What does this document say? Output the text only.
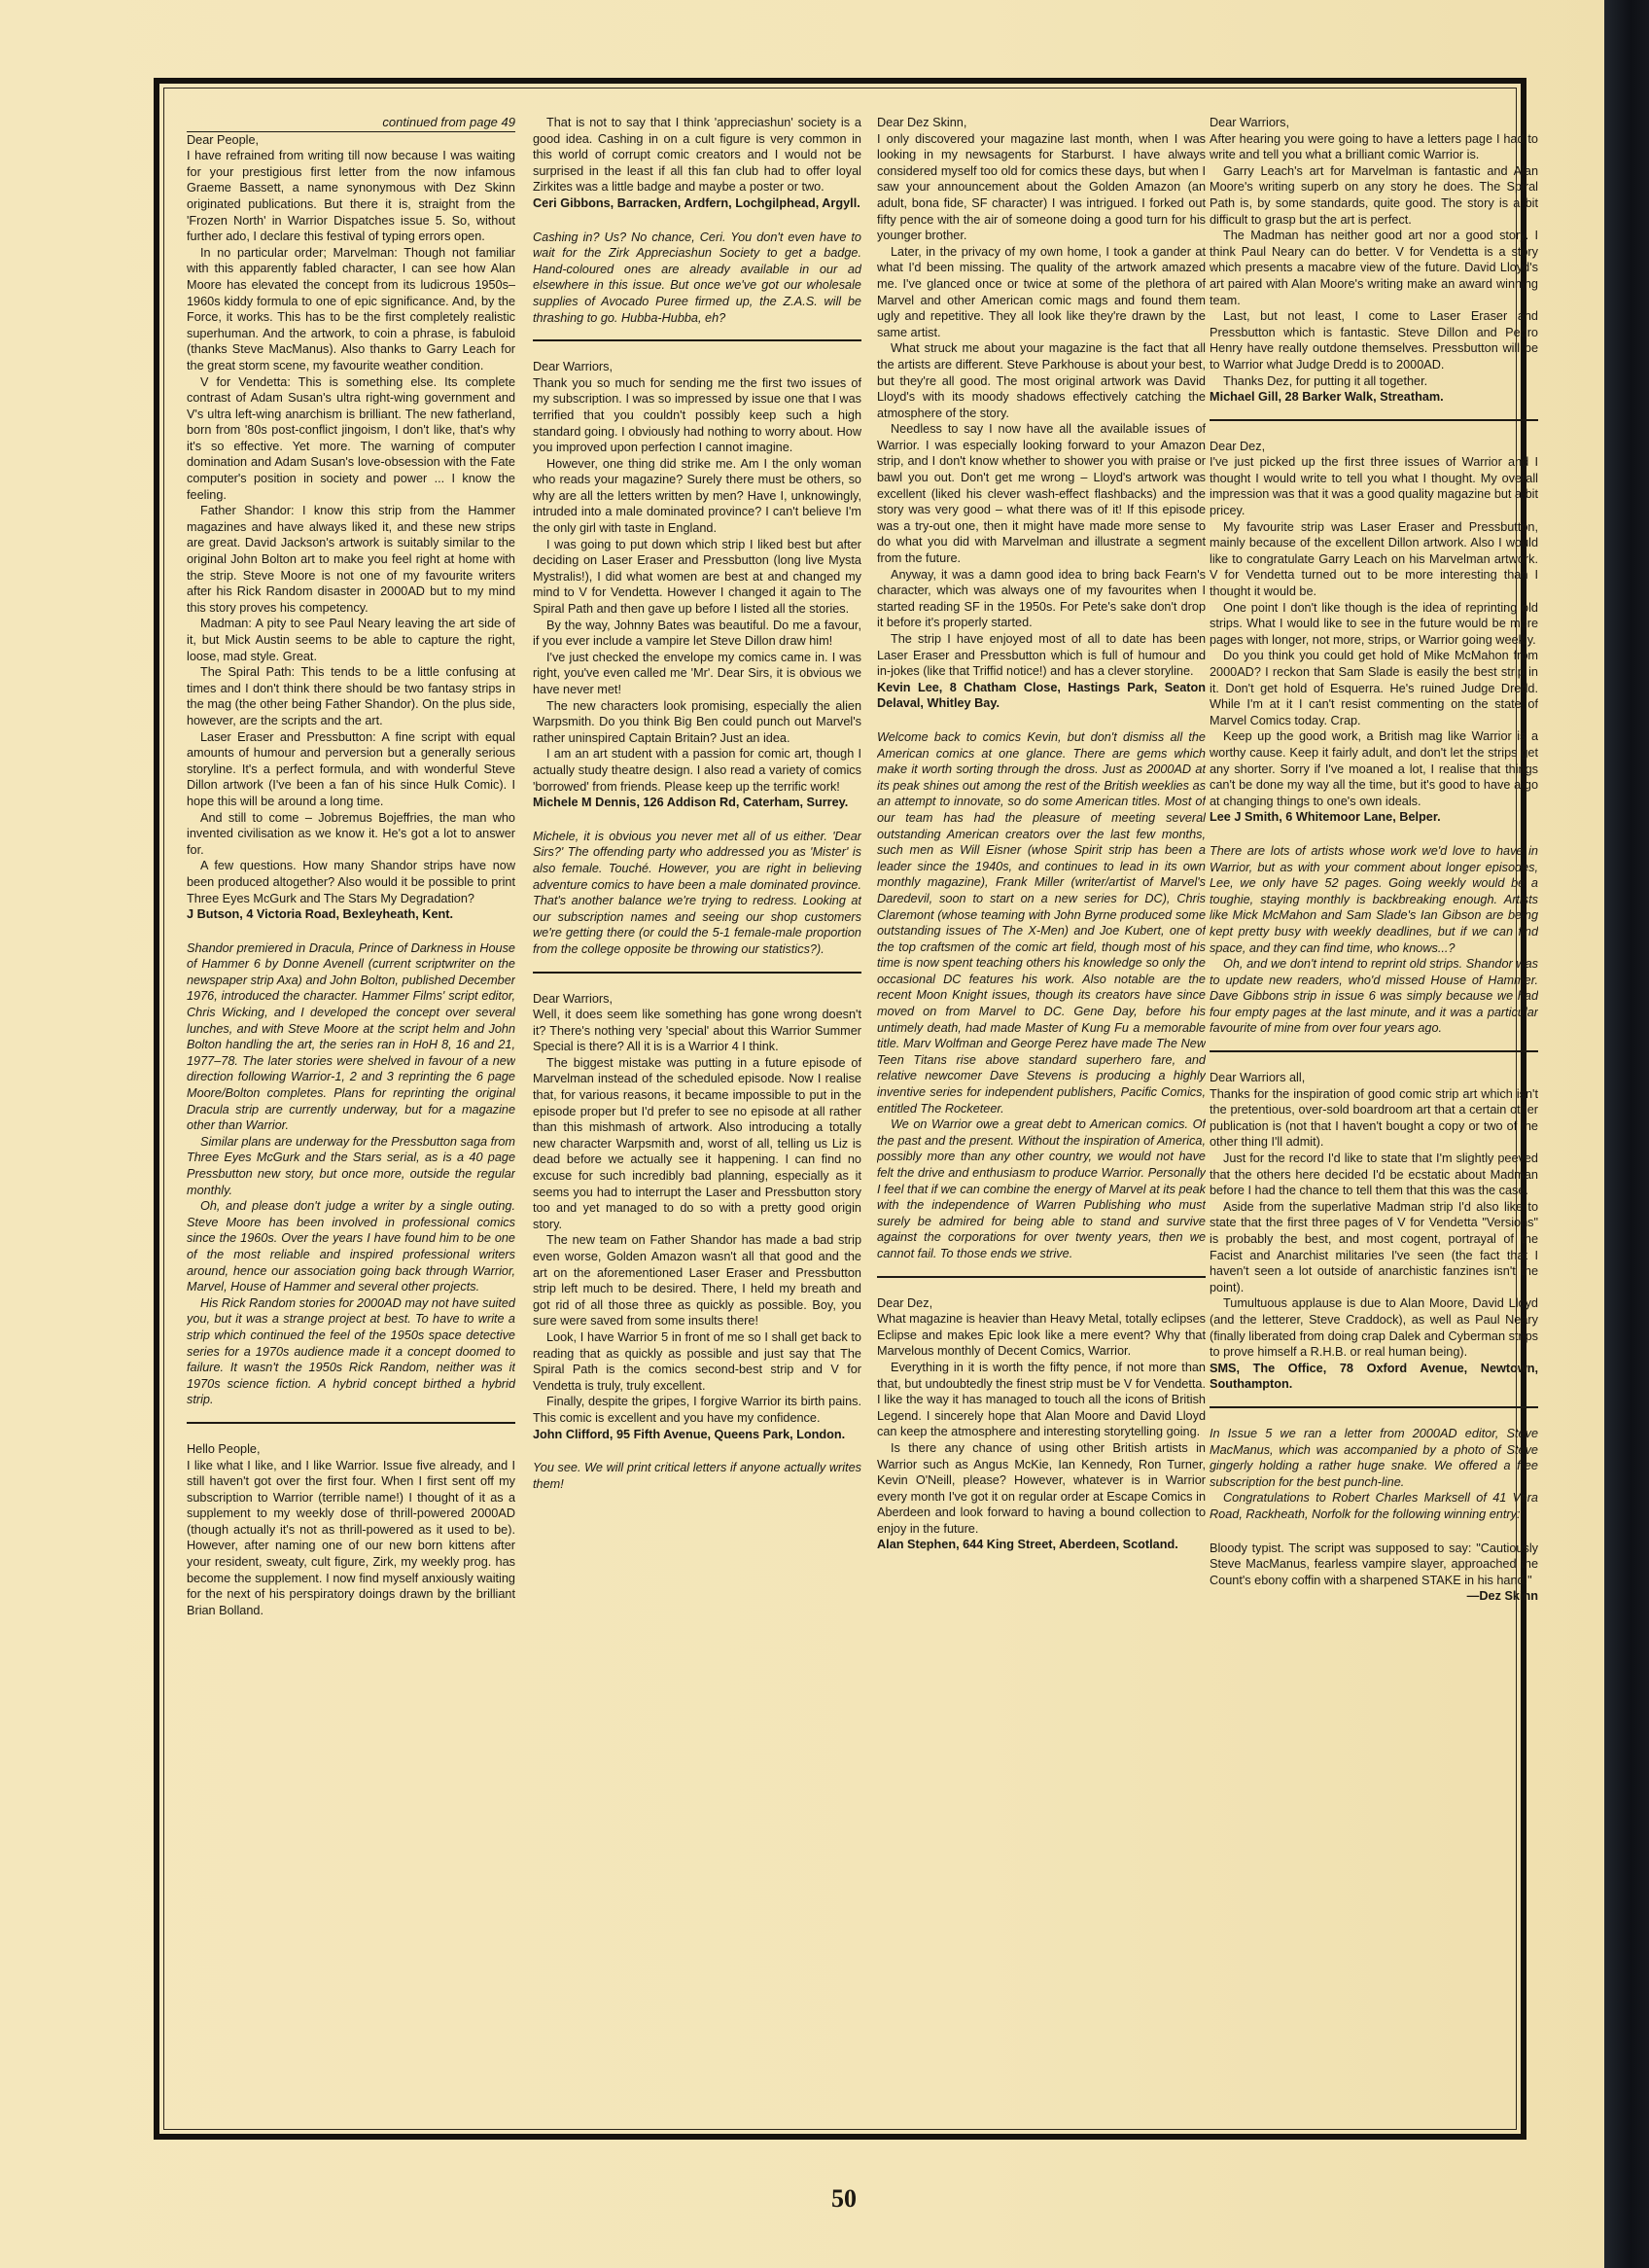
continued from page 49

Dear People,

I have refrained from writing till now because I was waiting for your prestigious first letter from the now infamous Graeme Bassett, a name synonymous with Dez Skinn originated publications. But there it is, straight from the 'Frozen North' in Warrior Dispatches issue 5. So, without further ado, I declare this festival of typing errors open.

In no particular order; Marvelman: Though not familiar with this apparently fabled character, I can see how Alan Moore has elevated the concept from its ludicrous 1950s–1960s kiddy formula to one of epic significance. And, by the Force, it works. This has to be the first completely realistic superhuman. And the artwork, to coin a phrase, is fabuloid (thanks Steve MacManus). Also thanks to Garry Leach for the great storm scene, my favourite weather condition.

V for Vendetta: This is something else. Its complete contrast of Adam Susan's ultra right-wing government and V's ultra left-wing anarchism is brilliant. The new fatherland, born from '80s post-conflict jingoism, I don't like, that's why it's so effective. Yet more. The warning of computer domination and Adam Susan's love-obsession with the Fate computer's position in society and power ... I know the feeling.

Father Shandor: I know this strip from the Hammer magazines and have always liked it, and these new strips are great. David Jackson's artwork is suitably similar to the original John Bolton art to make you feel right at home with the strip. Steve Moore is not one of my favourite writers after his Rick Random disaster in 2000AD but to my mind this story proves his competency.

Madman: A pity to see Paul Neary leaving the art side of it, but Mick Austin seems to be able to capture the right, loose, mad style. Great.

The Spiral Path: This tends to be a little confusing at times and I don't think there should be two fantasy strips in the mag (the other being Father Shandor). On the plus side, however, are the scripts and the art.

Laser Eraser and Pressbutton: A fine script with equal amounts of humour and perversion but a generally serious storyline. It's a perfect formula, and with wonderful Steve Dillon artwork (I've been a fan of his since Hulk Comic). I hope this will be around a long time.

And still to come – Jobremus Bojeffries, the man who invented civilisation as we know it. He's got a lot to answer for.

A few questions. How many Shandor strips have now been produced altogether? Also would it be possible to print Three Eyes McGurk and The Stars My Degradation?

J Butson, 4 Victoria Road, Bexleyheath, Kent.

Shandor premiered in Dracula, Prince of Darkness in House of Hammer 6 by Donne Avenell (current scriptwriter on the newspaper strip Axa) and John Bolton, published December 1976, introduced the character. Hammer Films' script editor, Chris Wicking, and I developed the concept over several lunches, and with Steve Moore at the script helm and John Bolton handling the art, the series ran in HoH 8, 16 and 21, 1977–78. The later stories were shelved in favour of a new direction following Warrior-1, 2 and 3 reprinting the 6 page Moore/Bolton completes. Plans for reprinting the original Dracula strip are currently underway, but for a magazine other than Warrior.

Similar plans are underway for the Pressbutton saga from Three Eyes McGurk and the Stars serial, as is a 40 page Pressbutton new story, but once more, outside the regular monthly.

Oh, and please don't judge a writer by a single outing. Steve Moore has been involved in professional comics since the 1960s. Over the years I have found him to be one of the most reliable and inspired professional writers around, hence our association going back through Warrior, Marvel, House of Hammer and several other projects.

His Rick Random stories for 2000AD may not have suited you, but it was a strange project at best. To have to write a strip which continued the feel of the 1950s space detective series for a 1970s audience made it a concept doomed to failure. It wasn't the 1950s Rick Random, neither was it 1970s science fiction. A hybrid concept birthed a hybrid strip.

Hello People,

I like what I like, and I like Warrior. Issue five already, and I still haven't got over the first four. When I first sent off my subscription to Warrior (terrible name!) I thought of it as a supplement to my weekly dose of thrill-powered 2000AD (though actually it's not as thrill-powered as it used to be). However, after naming one of our new born kittens after your resident, sweaty, cult figure, Zirk, my weekly prog. has become the supplement. I now find myself anxiously waiting for the next of his perspiratory doings drawn by the brilliant Brian Bolland.

That is not to say that I think 'appreciashun' society is a good idea. Cashing in on a cult figure is very common in this world of corrupt comic creators and I would not be surprised in the least if all this fan club had to offer loyal Zirkites was a little badge and maybe a poster or two.

Ceri Gibbons, Barracken, Ardfern, Lochgilphead, Argyll.

Cashing in? Us? No chance, Ceri. You don't even have to wait for the Zirk Appreciashun Society to get a badge. Hand-coloured ones are already available in our ad elsewhere in this issue. But once we've got our wholesale supplies of Avocado Puree firmed up, the Z.A.S. will be thrashing to go. Hubba-Hubba, eh?

Dear Warriors,

Thank you so much for sending me the first two issues of my subscription. I was so impressed by issue one that I was terrified that you couldn't possibly keep such a high standard going. I obviously had nothing to worry about. How you improved upon perfection I cannot imagine.

However, one thing did strike me. Am I the only woman who reads your magazine? Surely there must be others, so why are all the letters written by men? Have I, unknowingly, intruded into a male dominated province? I can't believe I'm the only girl with taste in England.

I was going to put down which strip I liked best but after deciding on Laser Eraser and Pressbutton (long live Mysta Mystralis!), I did what women are best at and changed my mind to V for Vendetta. However I changed it again to The Spiral Path and then gave up before I listed all the stories.

By the way, Johnny Bates was beautiful. Do me a favour, if you ever include a vampire let Steve Dillon draw him!

I've just checked the envelope my comics came in. I was right, you've even called me 'Mr'. Dear Sirs, it is obvious we have never met!

The new characters look promising, especially the alien Warpsmith. Do you think Big Ben could punch out Marvel's rather uninspired Captain Britain? Just an idea.

I am an art student with a passion for comic art, though I actually study theatre design. I also read a variety of comics 'borrowed' from friends. Please keep up the terrific work!

Michele M Dennis, 126 Addison Rd, Caterham, Surrey.

Michele, it is obvious you never met all of us either. 'Dear Sirs?' The offending party who addressed you as 'Mister' is also female. Touché. However, you are right in believing adventure comics to have been a male dominated province. That's another balance we're trying to redress. Looking at our subscription names and seeing our shop customers we're getting there (or could the 5-1 female-male proportion from the college opposite be throwing our statistics?).

Dear Warriors,

Well, it does seem like something has gone wrong doesn't it? There's nothing very 'special' about this Warrior Summer Special is there? All it is is a Warrior 4 I think.

The biggest mistake was putting in a future episode of Marvelman instead of the scheduled episode. Now I realise that, for various reasons, it became impossible to put in the episode proper but I'd prefer to see no episode at all rather than this mishmash of artwork. Also introducing a totally new character Warpsmith and, worst of all, telling us Liz is dead before we actually see it happening. I can find no excuse for such incredibly bad planning, especially as it seems you had to interrupt the Laser and Pressbutton story too and yet managed to do so with a pretty good origin story.

The new team on Father Shandor has made a bad strip even worse, Golden Amazon wasn't all that good and the art on the aforementioned Laser Eraser and Pressbutton strip left much to be desired. There, I held my breath and got rid of all those three as quickly as possible. Boy, you sure were saved from some insults there!

Look, I have Warrior 5 in front of me so I shall get back to reading that as quickly as possible and just say that The Spiral Path is the comics second-best strip and V for Vendetta is truly, truly excellent.

Finally, despite the gripes, I forgive Warrior its birth pains. This comic is excellent and you have my confidence.

John Clifford, 95 Fifth Avenue, Queens Park, London.

You see. We will print critical letters if anyone actually writes them!

Dear Dez Skinn,

I only discovered your magazine last month, when I was looking in my newsagents for Starburst. I have always considered myself too old for comics these days, but when I saw your announcement about the Golden Amazon (an adult, bona fide, SF character) I was intrigued. I forked out fifty pence with the air of someone doing a good turn for his younger brother.

Later, in the privacy of my own home, I took a gander at what I'd been missing. The quality of the artwork amazed me. I've glanced once or twice at some of the plethora of Marvel and other American comic mags and found them ugly and repetitive. They all look like they're drawn by the same artist.

What struck me about your magazine is the fact that all the artists are different. Steve Parkhouse is about your best, but they're all good. The most original artwork was David Lloyd's with its moody shadows effectively catching the atmosphere of the story.

Needless to say I now have all the available issues of Warrior. I was especially looking forward to your Amazon strip, and I don't know whether to shower you with praise or bawl you out. Don't get me wrong – Lloyd's artwork was excellent (liked his clever wash-effect flashbacks) and the story was very good – what there was of it! If this episode was a try-out one, then it might have made more sense to do what you did with Marvelman and illustrate a segment from the future.

Anyway, it was a damn good idea to bring back Fearn's character, which was always one of my favourites when I started reading SF in the 1950s. For Pete's sake don't drop it before it's properly started.

The strip I have enjoyed most of all to date has been Laser Eraser and Pressbutton which is full of humour and in-jokes (like that Triffid notice!) and has a clever storyline.

Kevin Lee, 8 Chatham Close, Hastings Park, Seaton Delaval, Whitley Bay.

Welcome back to comics Kevin, but don't dismiss all the American comics at one glance. There are gems which make it worth sorting through the dross. Just as 2000AD at its peak shines out among the rest of the British weeklies as an attempt to innovate, so do some American titles. Most of our team has had the pleasure of meeting several outstanding American creators over the last few months, such men as Will Eisner (whose Spirit strip has been a leader since the 1940s, and continues to lead in its own monthly magazine), Frank Miller (writer/artist of Marvel's Daredevil, soon to start on a new series for DC), Chris Claremont (whose teaming with John Byrne produced some outstanding issues of The X-Men) and Joe Kubert, one of the top craftsmen of the comic art field, though most of his time is now spent teaching others his knowledge so only the occasional DC features his work. Also notable are the recent Moon Knight issues, though its creators have since moved on from Marvel to DC. Gene Day, before his untimely death, had made Master of Kung Fu a memorable title. Marv Wolfman and George Perez have made The New Teen Titans rise above standard superhero fare, and relative newcomer Dave Stevens is producing a highly inventive series for independent publishers, Pacific Comics, entitled The Rocketeer.

We on Warrior owe a great debt to American comics. Of the past and the present. Without the inspiration of America, possibly more than any other country, we would not have felt the drive and enthusiasm to produce Warrior. Personally I feel that if we can combine the energy of Marvel at its peak with the independence of Warren Publishing who must surely be admired for being able to stand and survive against the corporations for over twenty years, then we cannot fail. To those ends we strive.

Dear Dez,

What magazine is heavier than Heavy Metal, totally eclipses Eclipse and makes Epic look like a mere event? Why that Marvelous monthly of Decent Comics, Warrior.

Everything in it is worth the fifty pence, if not more than that, but undoubtedly the finest strip must be V for Vendetta. I like the way it has managed to touch all the icons of British Legend. I sincerely hope that Alan Moore and David Lloyd can keep the atmosphere and interesting storytelling going.

Is there any chance of using other British artists in Warrior such as Angus McKie, Ian Kennedy, Ron Turner, Kevin O'Neill, please? However, whatever is in Warrior every month I've got it on regular order at Escape Comics in Aberdeen and look forward to having a bound collection to enjoy in the future.

Alan Stephen, 644 King Street, Aberdeen, Scotland.

Dear Warriors,

After hearing you were going to have a letters page I had to write and tell you what a brilliant comic Warrior is.

Garry Leach's art for Marvelman is fantastic and Alan Moore's writing superb on any story he does. The Spiral Path is, by some standards, quite good. The story is a bit difficult to grasp but the art is perfect.

The Madman has neither good art nor a good story. I think Paul Neary can do better. V for Vendetta is a story which presents a macabre view of the future. David Lloyd's art paired with Alan Moore's writing make an award winning team.

Last, but not least, I come to Laser Eraser and Pressbutton which is fantastic. Steve Dillon and Pedro Henry have really outdone themselves. Pressbutton will be to Warrior what Judge Dredd is to 2000AD.

Thanks Dez, for putting it all together.

Michael Gill, 28 Barker Walk, Streatham.

Dear Dez,

I've just picked up the first three issues of Warrior and I thought I would write to tell you what I thought. My overall impression was that it was a good quality magazine but a bit pricey.

My favourite strip was Laser Eraser and Pressbutton, mainly because of the excellent Dillon artwork. Also I would like to congratulate Garry Leach on his Marvelman artwork. V for Vendetta turned out to be more interesting than I thought it would be.

One point I don't like though is the idea of reprinting old strips. What I would like to see in the future would be more pages with longer, not more, strips, or Warrior going weekly.

Do you think you could get hold of Mike McMahon from 2000AD? I reckon that Sam Slade is easily the best strip in it. Don't get hold of Esquerra. He's ruined Judge Dredd. While I'm at it I can't resist commenting on the state of Marvel Comics today. Crap.

Keep up the good work, a British mag like Warrior is a worthy cause. Keep it fairly adult, and don't let the strips get any shorter. Sorry if I've moaned a lot, I realise that things can't be done my way all the time, but it's good to have a go at changing things to one's own ideals.

Lee J Smith, 6 Whitemoor Lane, Belper.

There are lots of artists whose work we'd love to have in Warrior, but as with your comment about longer episodes, Lee, we only have 52 pages. Going weekly would be a toughie, staying monthly is backbreaking enough. Artists like Mick McMahon and Sam Slade's Ian Gibson are being kept pretty busy with weekly deadlines, but if we can find space, and they can find time, who knows...?

Oh, and we don't intend to reprint old strips. Shandor was to update new readers, who'd missed House of Hammer. Dave Gibbons strip in issue 6 was simply because we had four empty pages at the last minute, and it was a particular favourite of mine from over four years ago.

Dear Warriors all,

Thanks for the inspiration of good comic strip art which isn't the pretentious, over-sold boardroom art that a certain other publication is (not that I haven't bought a copy or two of the other thing I'll admit).

Just for the record I'd like to state that I'm slightly peeved that the others here decided I'd be ecstatic about Madman before I had the chance to tell them that this was the case.

Aside from the superlative Madman strip I'd also like to state that the first three pages of V for Vendetta "Versions" is probably the best, and most cogent, portrayal of the Facist and Anarchist militaries I've seen (the fact that I haven't seen a lot outside of anarchistic fanzines isn't the point).

Tumultuous applause is due to Alan Moore, David Lloyd (and the letterer, Steve Craddock), as well as Paul Neary (finally liberated from doing crap Dalek and Cyberman strips to prove himself a R.H.B. or real human being).

SMS, The Office, 78 Oxford Avenue, Newtown, Southampton.

In Issue 5 we ran a letter from 2000AD editor, Steve MacManus, which was accompanied by a photo of Steve gingerly holding a rather huge snake. We offered a free subscription for the best punch-line.

Congratulations to Robert Charles Marksell of 41 Vera Road, Rackheath, Norfolk for the following winning entry:

Bloody typist. The script was supposed to say: "Cautiously Steve MacManus, fearless vampire slayer, approached the Count's ebony coffin with a sharpened STAKE in his hand."

—Dez Skinn

50
